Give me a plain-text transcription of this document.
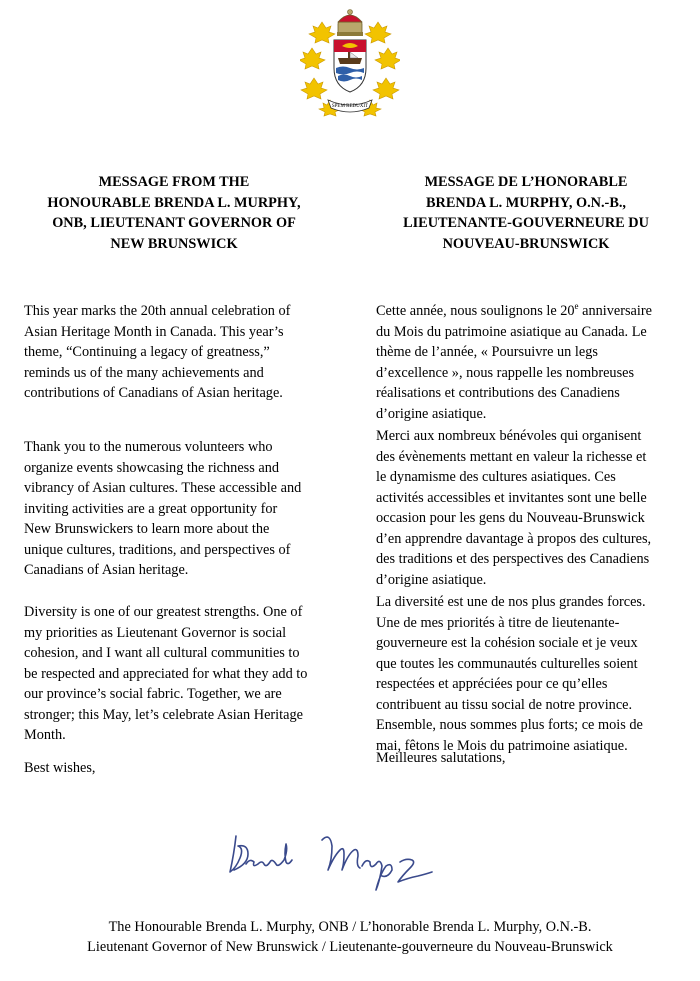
SPEM REDUXIT
MESSAGE FROM THE
HONOURABLE BRENDA L. MURPHY,
ONB, LIEUTENANT GOVERNOR OF
NEW BRUNSWICK
This year marks the 20th annual celebration of
Asian Heritage Month in Canada. This year’s
theme, “Continuing a legacy of greatness,”
reminds us of the many achievements and
contributions of Canadians of Asian heritage.
Thank you to the numerous volunteers who
organize events showcasing the richness and
vibrancy of Asian cultures. These accessible and
inviting activities are a great opportunity for
New Brunswickers to learn more about the
unique cultures, traditions, and perspectives of
Canadians of Asian heritage.
Diversity is one of our greatest strengths. One of
my priorities as Lieutenant Governor is social
cohesion, and I want all cultural communities to
be respected and appreciated for what they add to
our province’s social fabric. Together, we are
stronger; this May, let’s celebrate Asian Heritage
Month.
Best wishes,
MESSAGE DE L’HONORABLE
BRENDA L. MURPHY, O.N.-B.,
LIEUTENANTE-GOUVERNEURE DU
NOUVEAU-BRUNSWICK
Cette année, nous soulignons le 20e anniversaire
du Mois du patrimoine asiatique au Canada. Le
thème de l’année, « Poursuivre un legs
d’excellence », nous rappelle les nombreuses
réalisations et contributions des Canadiens
d’origine asiatique.
Merci aux nombreux bénévoles qui organisent
des évènements mettant en valeur la richesse et
le dynamisme des cultures asiatiques. Ces
activités accessibles et invitantes sont une belle
occasion pour les gens du Nouveau-Brunswick
d’en apprendre davantage à propos des cultures,
des traditions et des perspectives des Canadiens
d’origine asiatique.
La diversité est une de nos plus grandes forces.
Une de mes priorités à titre de lieutenante-
gouverneure est la cohésion sociale et je veux
que toutes les communautés culturelles soient
respectées et appréciées pour ce qu’elles
contribuent au tissu social de notre province.
Ensemble, nous sommes plus forts; ce mois de
mai, fêtons le Mois du patrimoine asiatique.
Meilleures salutations,
The Honourable Brenda L. Murphy, ONB / L’honorable Brenda L. Murphy, O.N.-B.
Lieutenant Governor of New Brunswick / Lieutenante-gouverneure du Nouveau-Brunswick
